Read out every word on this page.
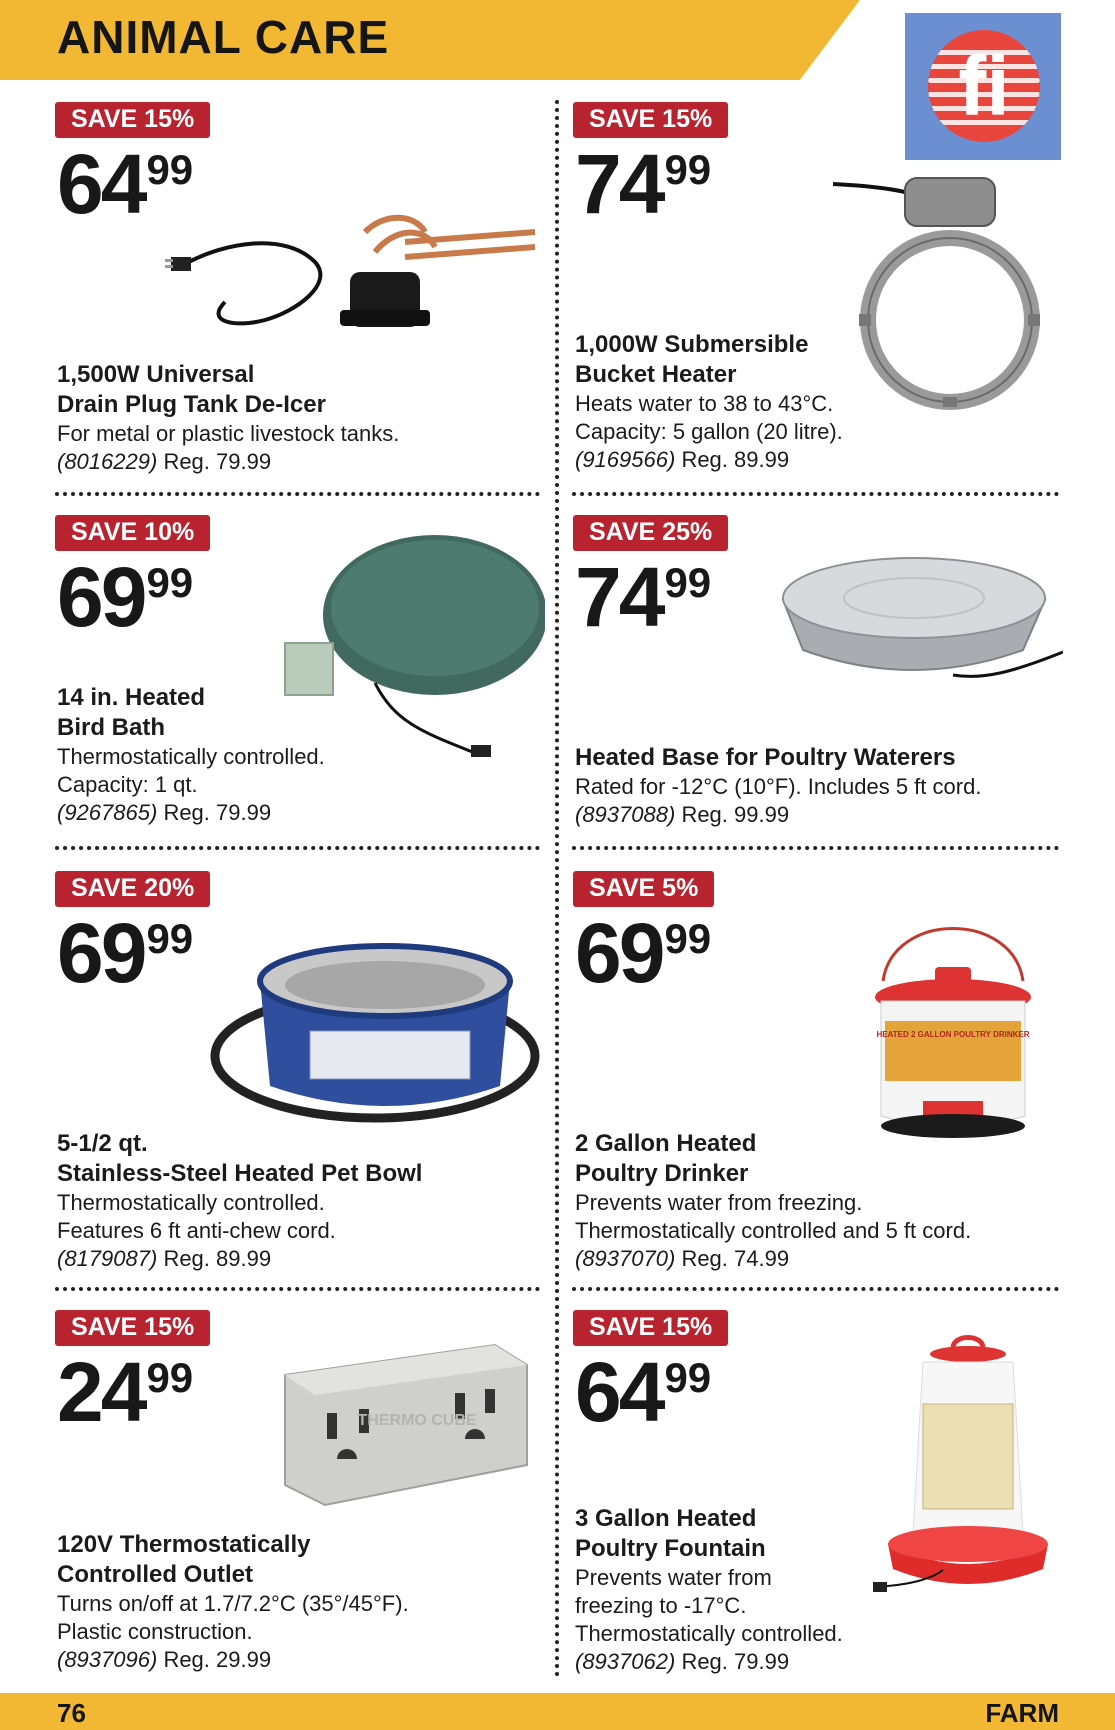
ANIMAL CARE
fi
SAVE 15%
6499
1,500W Universal
Drain Plug Tank De-Icer
For metal or plastic livestock tanks.
(8016229) Reg. 79.99
SAVE 15%
7499
1,000W Submersible
Bucket Heater
Heats water to 38 to 43°C.
Capacity: 5 gallon (20 litre).
(9169566) Reg. 89.99
SAVE 10%
6999
14 in. Heated
Bird Bath
Thermostatically controlled.
Capacity: 1 qt.
(9267865) Reg. 79.99
SAVE 25%
7499
Heated Base for Poultry Waterers
Rated for -12°C (10°F). Includes 5 ft cord.
(8937088) Reg. 99.99
SAVE 20%
6999
5-1/2 qt.
Stainless-Steel Heated Pet Bowl
Thermostatically controlled.
Features 6 ft anti-chew cord.
(8179087) Reg. 89.99
SAVE 5%
6999
HEATED 2 GALLON POULTRY DRINKER
2 Gallon Heated
Poultry Drinker
Prevents water from freezing.
Thermostatically controlled and 5 ft cord.
(8937070) Reg. 74.99
SAVE 15%
2499
THERMO CUBE
120V Thermostatically
Controlled Outlet
Turns on/off at 1.7/7.2°C (35°/45°F).
Plastic construction.
(8937096) Reg. 29.99
SAVE 15%
6499
3 Gallon Heated
Poultry Fountain
Prevents water from
freezing to -17°C.
Thermostatically controlled.
(8937062) Reg. 79.99
76	FARM
